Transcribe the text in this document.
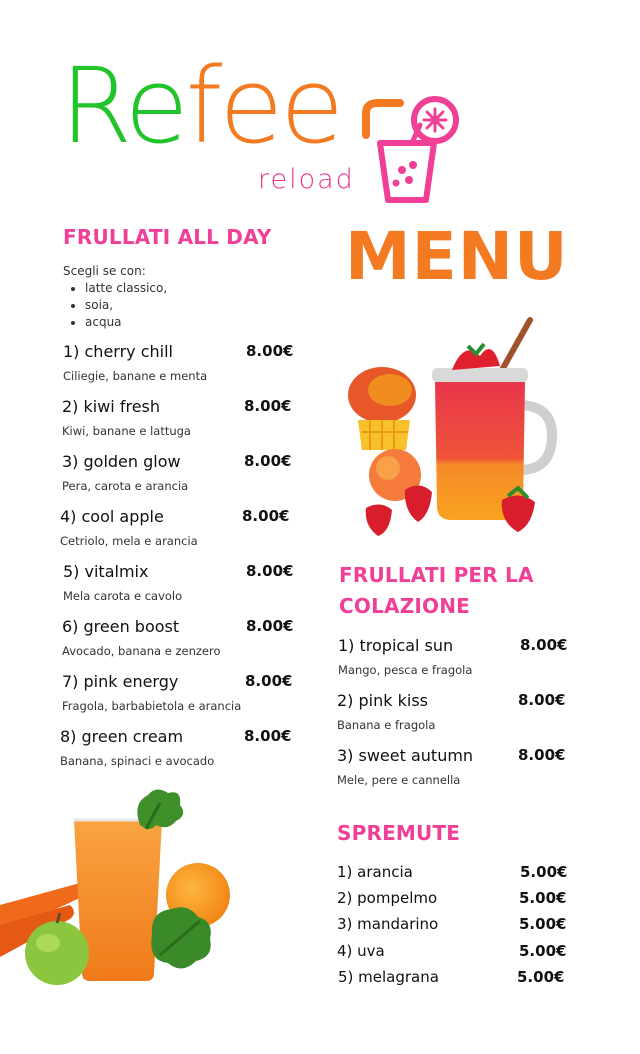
Refee
reload
MENU
FRULLATI ALL DAY
Scegli se con:
• latte classico,
• soia,
• acqua
1) cherry chill	8.00€
Ciliegie, banane e menta
2) kiwi fresh	8.00€
Kiwi, banane e lattuga
3) golden glow	8.00€
Pera, carota e arancia
4) cool apple	8.00€
Cetriolo, mela e arancia
5) vitalmix	8.00€
Mela carota e cavolo
6) green boost	8.00€
Avocado, banana e zenzero
7) pink energy	8.00€
Fragola, barbabietola e arancia
8) green cream	8.00€
Banana, spinaci e avocado
FRULLATI PER LA
COLAZIONE
1) tropical sun	8.00€
Mango, pesca e fragola
2) pink kiss	8.00€
Banana e fragola
3) sweet autumn	8.00€
Mele, pere e cannella
SPREMUTE
1) arancia	5.00€
2) pompelmo	5.00€
3) mandarino	5.00€
4) uva	5.00€
5) melagrana	5.00€
